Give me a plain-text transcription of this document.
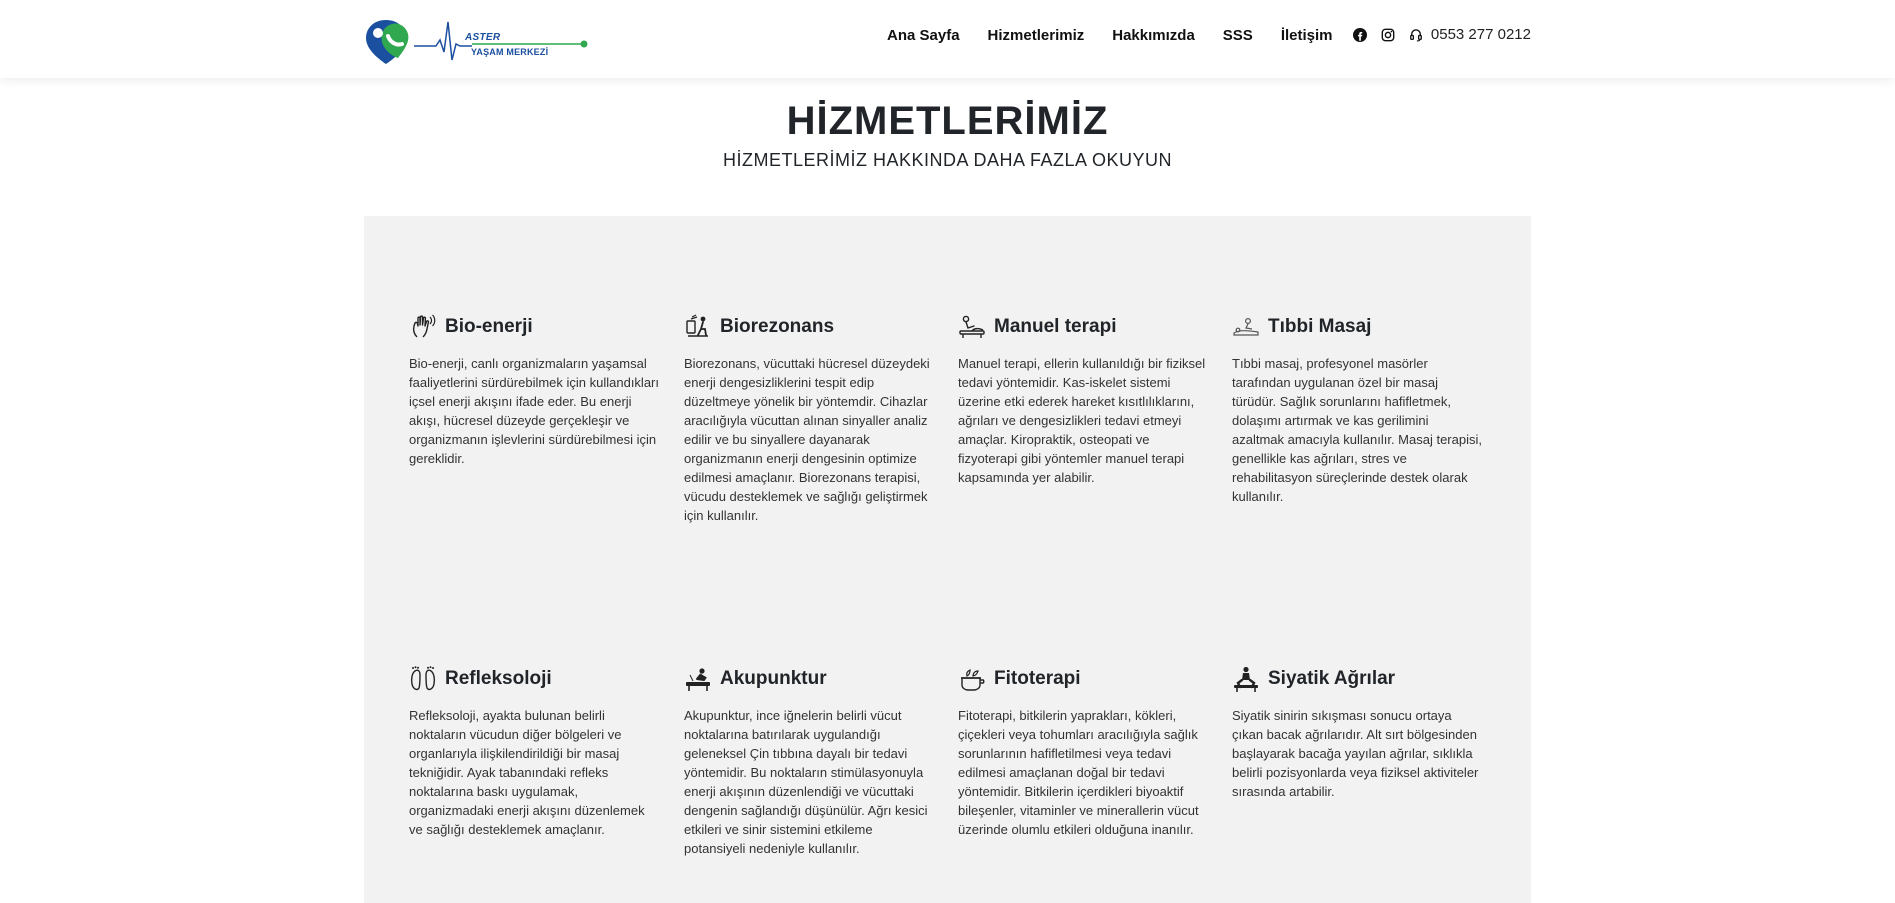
ASTER
YAŞAM MERKEZİ
Ana Sayfa Hizmetlerimiz Hakkımızda SSS İletişim	0553 277 0212
HİZMETLERİMİZ
HİZMETLERİMİZ HAKKINDA DAHA FAZLA OKUYUN
Bio-enerji

Bio-enerji, canlı organizmaların yaşamsal faaliyetlerini sürdürebilmek için kullandıkları içsel enerji akışını ifade eder. Bu enerji akışı, hücresel düzeyde gerçekleşir ve organizmanın işlevlerini sürdürebilmesi için gereklidir.

Biorezonans

Biorezonans, vücuttaki hücresel düzeydeki enerji dengesizliklerini tespit edip düzeltmeye yönelik bir yöntemdir. Cihazlar aracılığıyla vücuttan alınan sinyaller analiz edilir ve bu sinyallere dayanarak organizmanın enerji dengesinin optimize edilmesi amaçlanır. Biorezonans terapisi, vücudu desteklemek ve sağlığı geliştirmek için kullanılır.

Manuel terapi

Manuel terapi, ellerin kullanıldığı bir fiziksel tedavi yöntemidir. Kas-iskelet sistemi üzerine etki ederek hareket kısıtlılıklarını, ağrıları ve dengesizlikleri tedavi etmeyi amaçlar. Kiropraktik, osteopati ve fizyoterapi gibi yöntemler manuel terapi kapsamında yer alabilir.

Tıbbi Masaj

Tıbbi masaj, profesyonel masörler tarafından uygulanan özel bir masaj türüdür. Sağlık sorunlarını hafifletmek, dolaşımı artırmak ve kas gerilimini azaltmak amacıyla kullanılır. Masaj terapisi, genellikle kas ağrıları, stres ve rehabilitasyon süreçlerinde destek olarak kullanılır.

Refleksoloji

Refleksoloji, ayakta bulunan belirli noktaların vücudun diğer bölgeleri ve organlarıyla ilişkilendirildiği bir masaj tekniğidir. Ayak tabanındaki refleks noktalarına baskı uygulamak, organizmadaki enerji akışını düzenlemek ve sağlığı desteklemek amaçlanır.

Akupunktur

Akupunktur, ince iğnelerin belirli vücut noktalarına batırılarak uygulandığı geleneksel Çin tıbbına dayalı bir tedavi yöntemidir. Bu noktaların stimülasyonuyla enerji akışının düzenlendiği ve vücuttaki dengenin sağlandığı düşünülür. Ağrı kesici etkileri ve sinir sistemini etkileme potansiyeli nedeniyle kullanılır.

Fitoterapi

Fitoterapi, bitkilerin yaprakları, kökleri, çiçekleri veya tohumları aracılığıyla sağlık sorunlarının hafifletilmesi veya tedavi edilmesi amaçlanan doğal bir tedavi yöntemidir. Bitkilerin içerdikleri biyoaktif bileşenler, vitaminler ve minerallerin vücut üzerinde olumlu etkileri olduğuna inanılır.

Siyatik Ağrılar

Siyatik sinirin sıkışması sonucu ortaya çıkan bacak ağrılarıdır. Alt sırt bölgesinden başlayarak bacağa yayılan ağrılar, sıklıkla belirli pozisyonlarda veya fiziksel aktiviteler sırasında artabilir.
